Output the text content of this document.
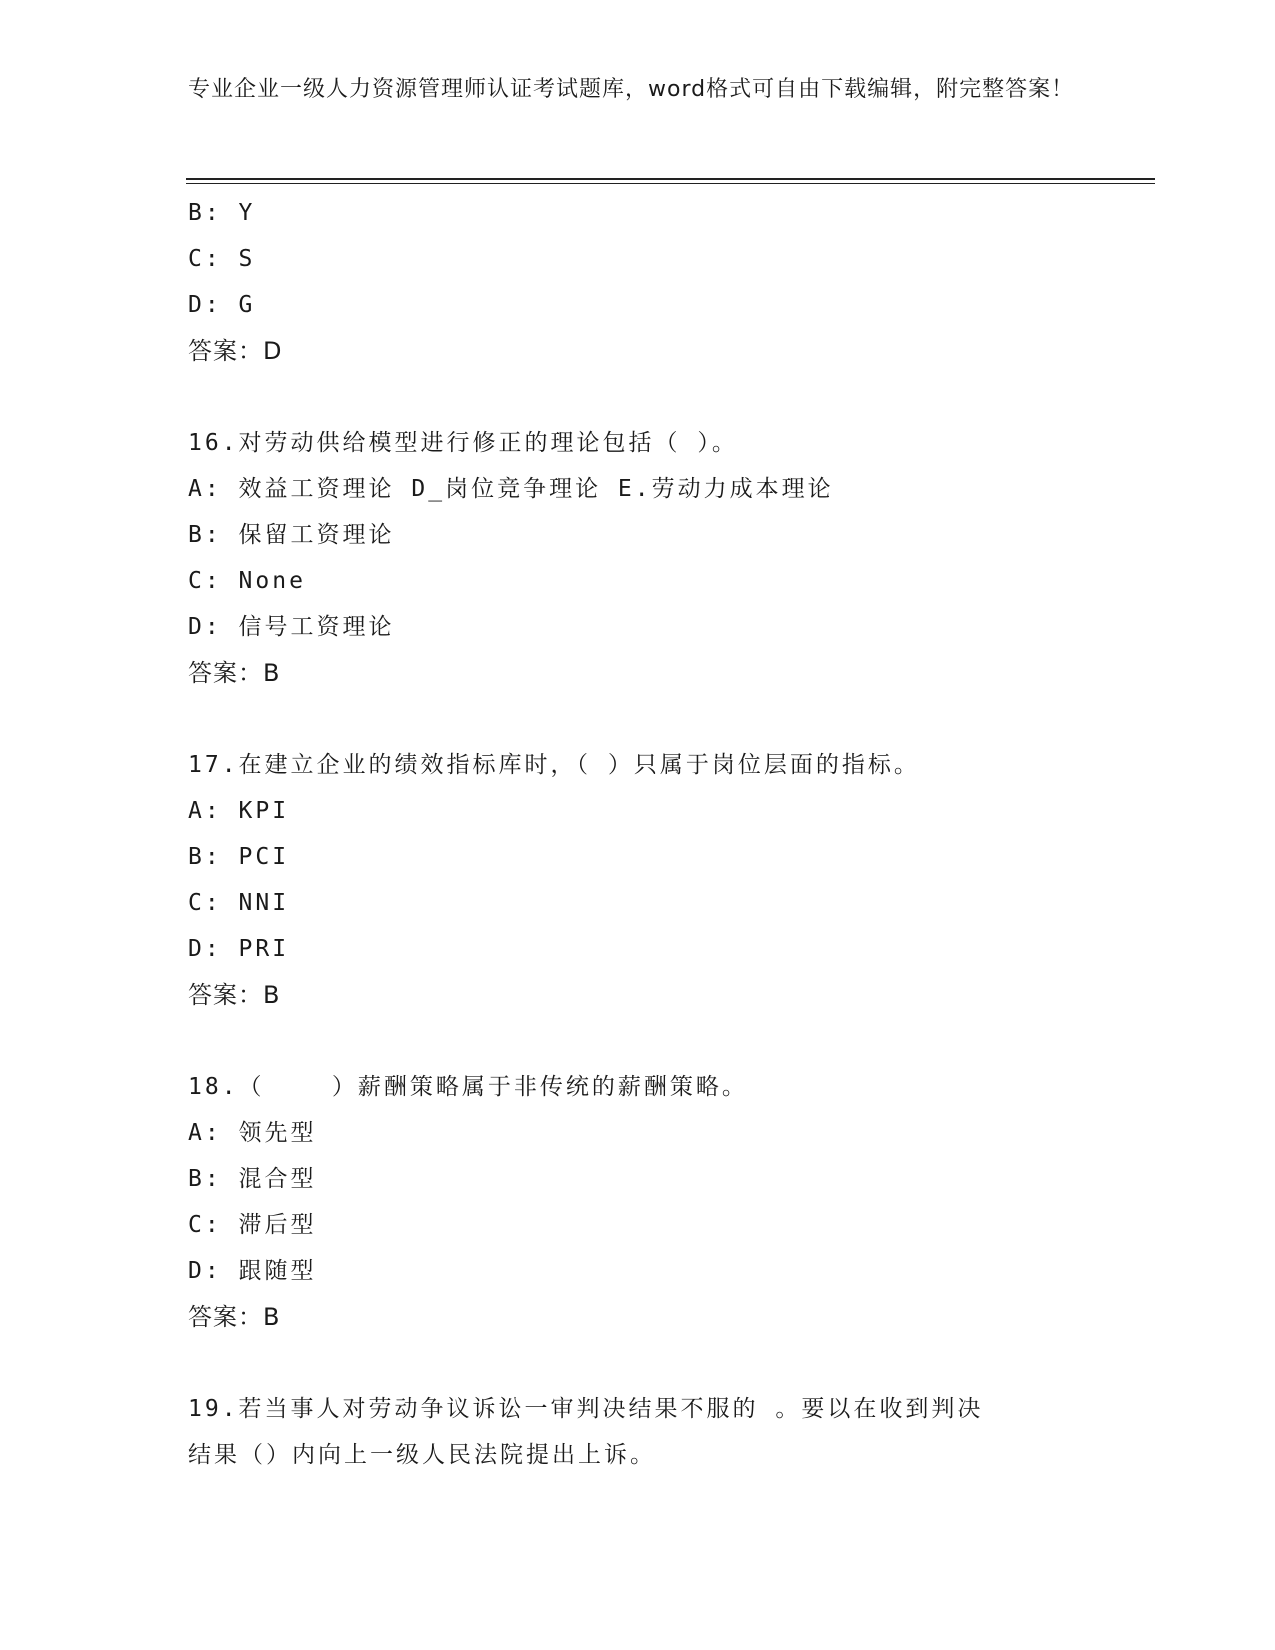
专业企业一级人力资源管理师认证考试题库，word格式可自由下载编辑，附完整答案！
B: Y
C: S
D: G
答案：D
16.对劳动供给模型进行修正的理论包括（ ）。
A: 效益工资理论 D_岗位竞争理论 E.劳动力成本理论
B: 保留工资理论
C: None
D: 信号工资理论
答案：B
17.在建立企业的绩效指标库时，（ ）只属于岗位层面的指标。
A: KPI
B: PCI
C: NNI
D: PRI
答案：B
18.（    ）薪酬策略属于非传统的薪酬策略。
A: 领先型
B: 混合型
C: 滞后型
D: 跟随型
答案：B
19.若当事人对劳动争议诉讼一审判决结果不服的 。要以在收到判决
结果（）内向上一级人民法院提出上诉。
